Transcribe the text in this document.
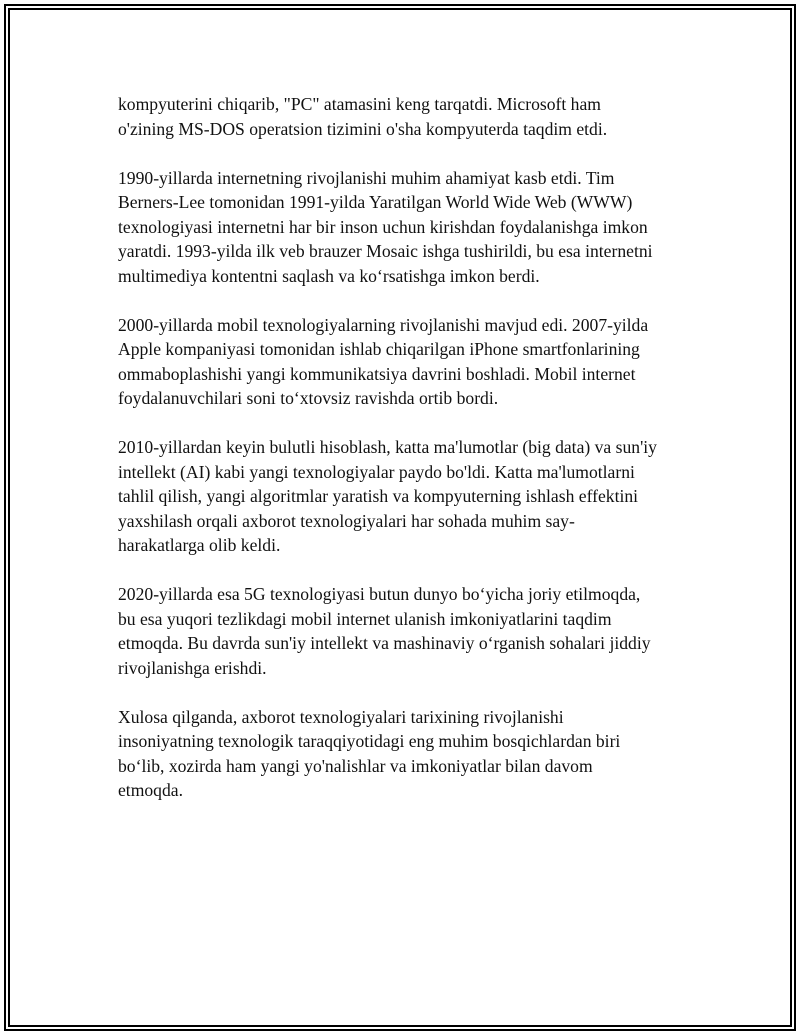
kompyuterini chiqarib, "PC" atamasini keng tarqatdi. Microsoft ham
o'zining MS-DOS operatsion tizimini o'sha kompyuterda taqdim etdi.

1990-yillarda internetning rivojlanishi muhim ahamiyat kasb etdi. Tim
Berners-Lee tomonidan 1991-yilda Yaratilgan World Wide Web (WWW)
texnologiyasi internetni har bir inson uchun kirishdan foydalanishga imkon
yaratdi. 1993-yilda ilk veb brauzer Mosaic ishga tushirildi, bu esa internetni
multimediya kontentni saqlash va ko‘rsatishga imkon berdi.

2000-yillarda mobil texnologiyalarning rivojlanishi mavjud edi. 2007-yilda
Apple kompaniyasi tomonidan ishlab chiqarilgan iPhone smartfonlarining
ommaboplashishi yangi kommunikatsiya davrini boshladi. Mobil internet
foydalanuvchilari soni to‘xtovsiz ravishda ortib bordi.

2010-yillardan keyin bulutli hisoblash, katta ma'lumotlar (big data) va sun'iy
intellekt (AI) kabi yangi texnologiyalar paydo bo'ldi. Katta ma'lumotlarni
tahlil qilish, yangi algoritmlar yaratish va kompyuterning ishlash effektini
yaxshilash orqali axborot texnologiyalari har sohada muhim say-
harakatlarga olib keldi.

2020-yillarda esa 5G texnologiyasi butun dunyo bo‘yicha joriy etilmoqda,
bu esa yuqori tezlikdagi mobil internet ulanish imkoniyatlarini taqdim
etmoqda. Bu davrda sun'iy intellekt va mashinaviy o‘rganish sohalari jiddiy
rivojlanishga erishdi.

Xulosa qilganda, axborot texnologiyalari tarixining rivojlanishi
insoniyatning texnologik taraqqiyotidagi eng muhim bosqichlardan biri
bo‘lib, xozirda ham yangi yo'nalishlar va imkoniyatlar bilan davom
etmoqda.
